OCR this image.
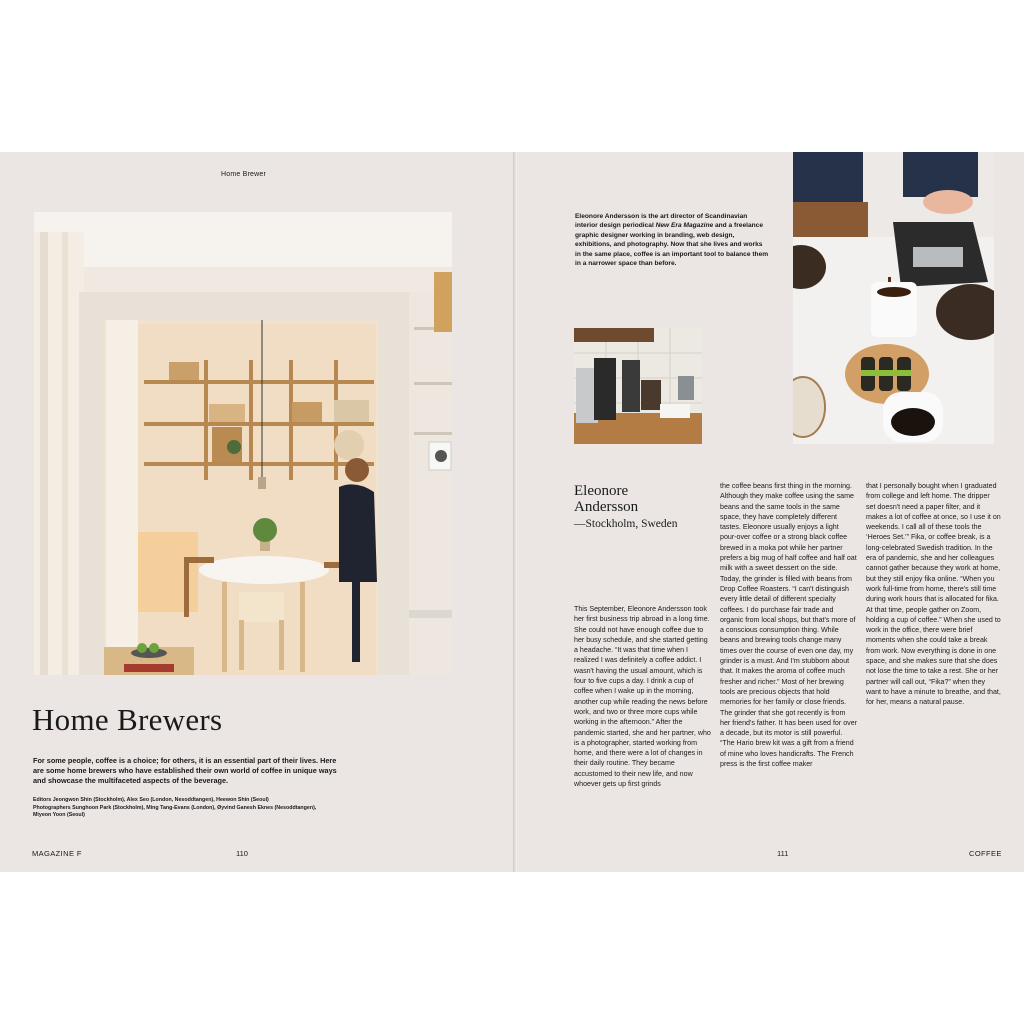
Home Brewer
Home Brewers
For some people, coffee is a choice; for others, it is an essential part of their lives. Here are some home brewers who have established their own world of coffee in unique ways and showcase the multifaceted aspects of the beverage.
Editors Jeongwon Shin (Stockholm), Alex Seo (London, Nesoddtangen), Heewon Shin (Seoul)
Photographers Sunghoon Park (Stockholm), Ming Tang-Evans (London), Øyvind Ganesh Eknes (Nesoddtangen),
Miyeon Yoon (Seoul)
MAGAZINE F	110
Eleonore Andersson is the art director of Scandinavian interior design periodical New Era Magazine and a freelance graphic designer working in branding, web design, exhibitions, and photography. Now that she lives and works in the same place, coffee is an important tool to balance them in a narrower space than before.
Eleonore Andersson
—Stockholm, Sweden

This September, Eleonore Andersson took her first business trip abroad in a long time. She could not have enough coffee due to her busy schedule, and she started getting a headache. “It was that time when I realized I was definitely a coffee addict. I wasn't having the usual amount, which is four to five cups a day. I drink a cup of coffee when I wake up in the morning, another cup while reading the news before work, and two or three more cups while working in the afternoon.” After the pandemic started, she and her partner, who is a photographer, started working from home, and there were a lot of changes in their daily routine. They became accustomed to their new life, and now whoever gets up first grinds

the coffee beans first thing in the morning. Although they make coffee using the same beans and the same tools in the same space, they have completely different tastes. Eleonore usually enjoys a light pour-over coffee or a strong black coffee brewed in a moka pot while her partner prefers a big mug of half coffee and half oat milk with a sweet dessert on the side. Today, the grinder is filled with beans from Drop Coffee Roasters. “I can't distinguish every little detail of different specialty coffees. I do purchase fair trade and organic from local shops, but that's more of a conscious consumption thing. While beans and brewing tools change many times over the course of even one day, my grinder is a must. And I'm stubborn about that. It makes the aroma of coffee much fresher and richer.” Most of her brewing tools are precious objects that hold memories for her family or close friends. The grinder that she got recently is from her friend's father. It has been used for over a decade, but its motor is still powerful. “The Hario brew kit was a gift from a friend of mine who loves handicrafts. The French press is the first coffee maker

that I personally bought when I graduated from college and left home. The dripper set doesn't need a paper filter, and it makes a lot of coffee at once, so I use it on weekends. I call all of these tools the ‘Heroes Set.’” Fika, or coffee break, is a long-celebrated Swedish tradition. In the era of pandemic, she and her colleagues cannot gather because they work at home, but they still enjoy fika online. “When you work full-time from home, there's still time during work hours that is allocated for fika. At that time, people gather on Zoom, holding a cup of coffee.” When she used to work in the office, there were brief moments when she could take a break from work. Now everything is done in one space, and she makes sure that she does not lose the time to take a rest. She or her partner will call out, “Fika?” when they want to have a minute to breathe, and that, for her, means a natural pause.

111	COFFEE
